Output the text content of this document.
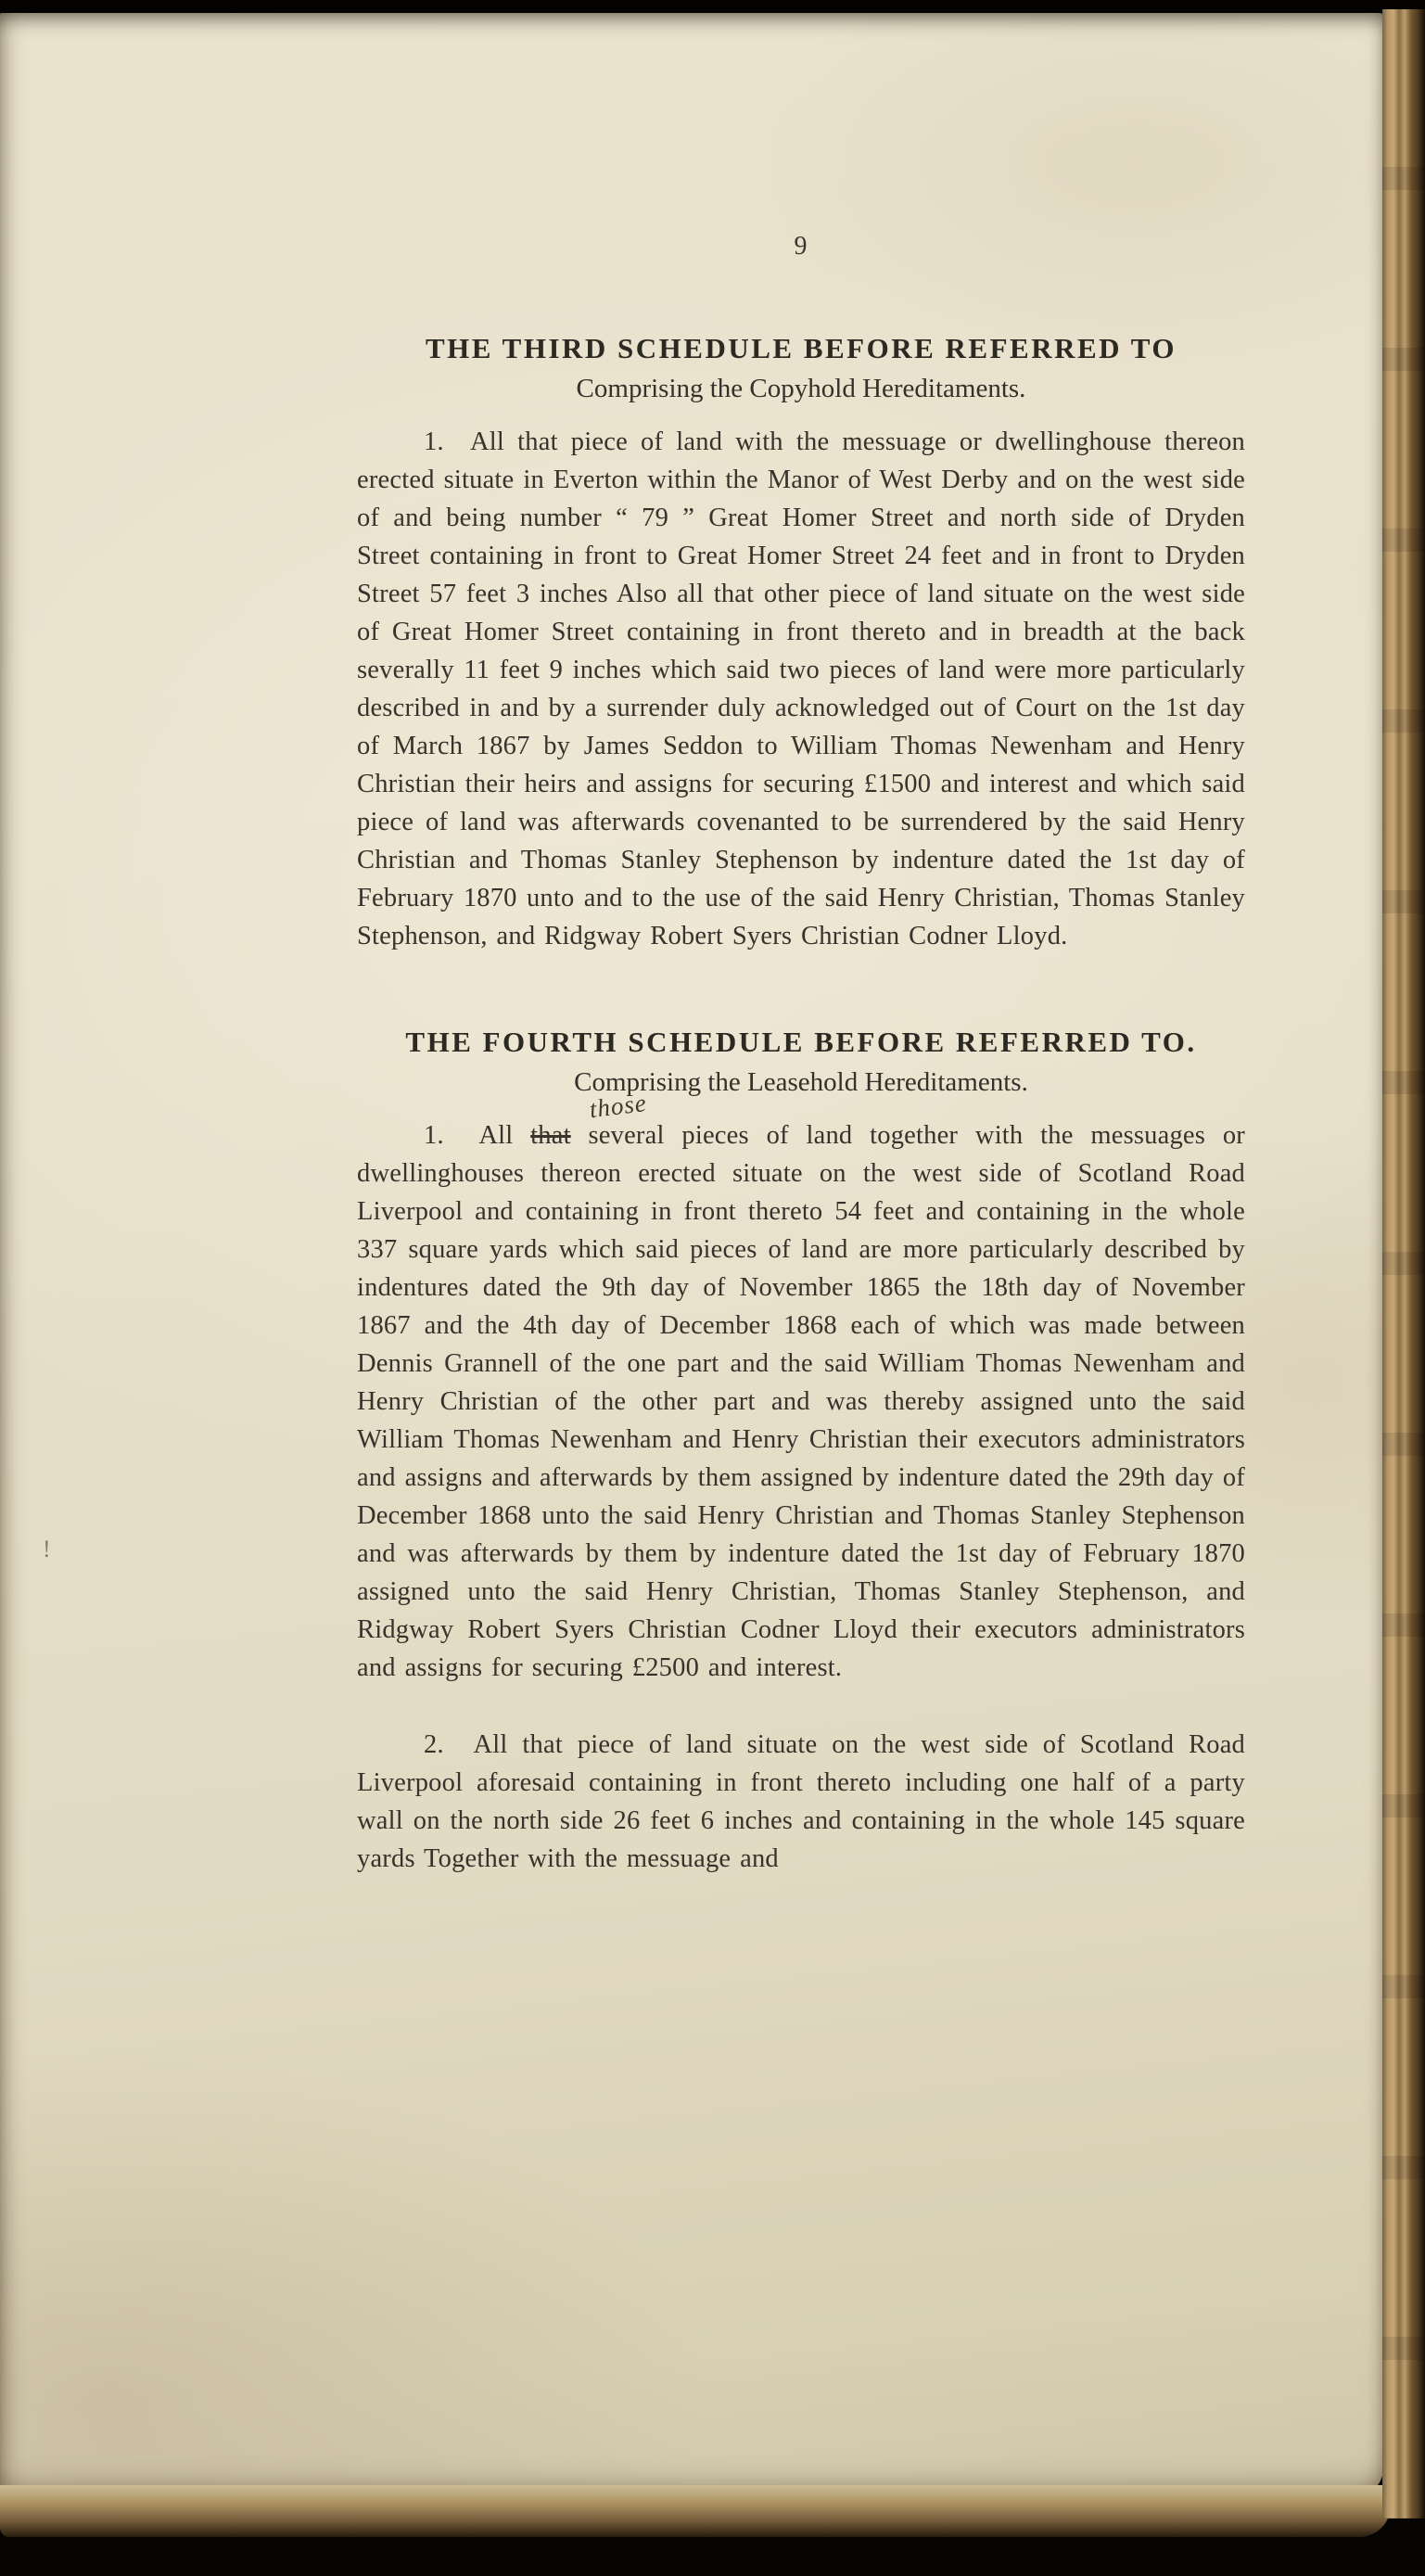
!
9
THE THIRD SCHEDULE BEFORE REFERRED TO
Comprising the Copyhold Hereditaments.

1.  All that piece of land with the messuage or dwellinghouse thereon erected situate in Everton within the Manor of West Derby and on the west side of and being number “ 79 ” Great Homer Street and north side of Dryden Street containing in front to Great Homer Street 24 feet and in front to Dryden Street 57 feet 3 inches Also all that other piece of land situate on the west side of Great Homer Street containing in front thereto and in breadth at the back severally 11 feet 9 inches which said two pieces of land were more particularly described in and by a surrender duly acknowledged out of Court on the 1st day of March 1867 by James Seddon to William Thomas Newenham and Henry Christian their heirs and assigns for securing £1500 and interest and which said piece of land was afterwards covenanted to be surrendered by the said Henry Christian and Thomas Stanley Stephenson by indenture dated the 1st day of February 1870 unto and to the use of the said Henry Christian, Thomas Stanley Stephenson, and Ridgway Robert Syers Christian Codner Lloyd.

THE FOURTH SCHEDULE BEFORE REFERRED TO.
Comprising the Leasehold Hereditaments.

1.  All that
those
several pieces of land together with the messuages or dwellinghouses thereon erected situate on the west side of Scotland Road Liverpool and containing in front thereto 54 feet and containing in the whole 337 square yards which said pieces of land are more particularly described by indentures dated the 9th day of November 1865 the 18th day of November 1867 and the 4th day of December 1868 each of which was made between Dennis Grannell of the one part and the said William Thomas Newenham and Henry Christian of the other part and was thereby assigned unto the said William Thomas Newenham and Henry Christian their executors administrators and assigns and afterwards by them assigned by indenture dated the 29th day of December 1868 unto the said Henry Christian and Thomas Stanley Stephenson and was afterwards by them by indenture dated the 1st day of February 1870 assigned unto the said Henry Christian, Thomas Stanley Stephenson, and Ridgway Robert Syers Christian Codner Lloyd their executors administrators and assigns for securing £2500 and interest.

2.  All that piece of land situate on the west side of Scotland Road Liverpool aforesaid containing in front thereto including one half of a party wall on the north side 26 feet 6 inches and containing in the whole 145 square yards Together with the messuage and
